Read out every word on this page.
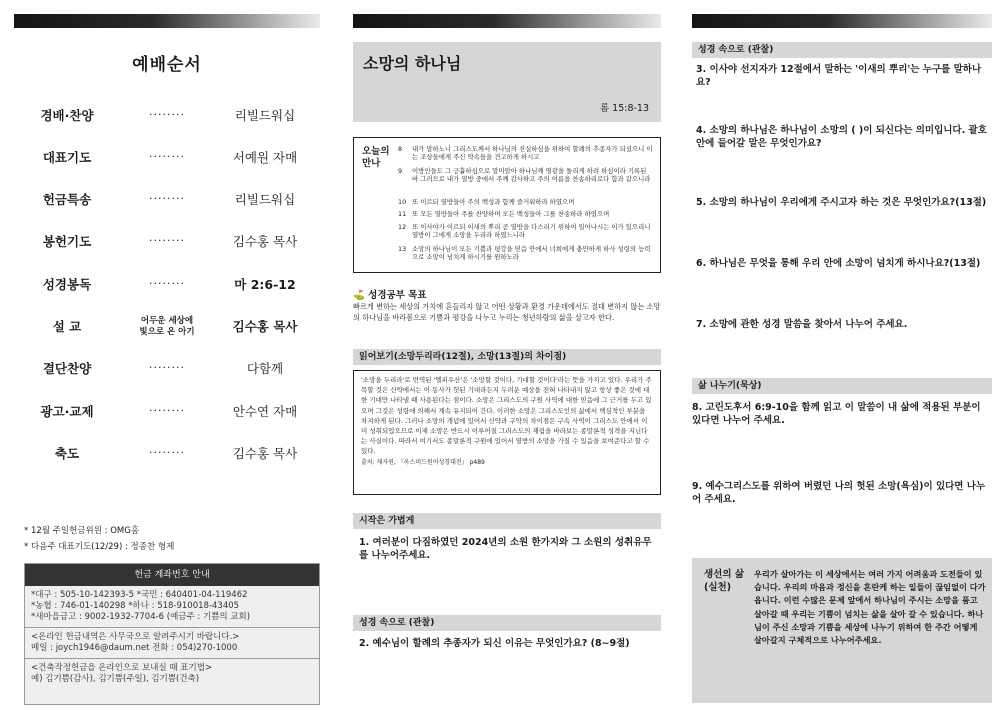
예배순서
경배·찬양	········	리빌드워십
대표기도	········	서예원 자매
헌금특송	········	리빌드워십
봉헌기도	········	김수홍 목사
성경봉독	········	마 2:6-12
설 교	어두운 세상에 빛으로 온 아기	김수홍 목사
결단찬양	········	다함께
광고·교제	········	안수연 자매
축도	········	김수홍 목사
* 12월 주일헌금위원 : OMG홈
* 다음주 대표기도(12/29) : 정종찬 형제
헌금 계좌번호 안내
*대구 : 505-10-142393-5 *국민 : 640401-04-119462
*농협 : 746-01-140298 *하나 : 518-910018-43405
*새마을금고 : 9002-1932-7704-6 (예금주 : 기쁨의 교회)
<온라인 헌금내역은 사무국으로 알려주시기 바랍니다.>
메일 : joych1946@daum.net 전화 : 054)270-1000
<건축작정헌금을 온라인으로 보내실 때 표기법>
예) 김기쁨(감사), 김기쁨(주일), 김기쁨(건축)
소망의 하나님
롬 15:8-13
오늘의 만나
8	내가 말하노니 그리스도께서 하나님의 진실하심을 위하여 할례의 추종자가 되셨으니 이는 조상들에게 주신 약속들을 견고하게 하시고
9	이방인들도 그 긍휼하심으로 말미암아 하나님께 영광을 돌리게 하려 하심이라 기록된 바 그러므로 내가 열방 중에서 주께 감사하고 주의 이름을 찬송하리로다 함과 같으니라
10 또 이르되 열방들아 주의 백성과 함께 즐거워하라 하였으며
11 또 모든 열방들아 주를 찬양하며 모든 백성들아 그를 찬송하라 하였으며
12 또 이사야가 이르되 이새의 뿌리 곧 열방을 다스리기 위하여 일어나시는 이가 있으리니 열방이 그에게 소망을 두리라 하였느니라
13 소망의 하나님이 모든 기쁨과 평강을 믿음 안에서 너희에게 충만하게 하사 성령의 능력으로 소망이 넘치게 하시기를 원하노라
⛳ 성경공부 목표
빠르게 변하는 세상의 가치에 흔들리지 않고 어떤 상황과 환경 가운데에서도 절대 변하지 않는 소망의 하나님을 바라봄으로 기쁨과 평강을 나누고 누리는 청년하람의 삶을 살고자 한다.
읽어보기(소망두리라(12절), 소망(13절)의 차이점)
'소망을 두리라'로 번역된 '엘피우산'은 '소망할 것이다, 기대할 것이다'라는 뜻을 가지고 있다. 우리가 주목할 것은 신약에서는 이 동사가 헛된 기대라든지 두려운 예상을 전혀 나타내지 않고 항상 좋은 것에 대한 기대만 나타낼 때 사용된다는 점이다. 소망은 그리스도의 구원 사역에 대한 믿음에 그 근거를 두고 있으며 그것은 성령에 의해서 계속 유지되어 간다. 이러한 소망은 그리스도인의 삶에서 핵심적인 부분을 차지하게 된다. 그러나 소망의 개념에 있어서 신약과 구약의 차이점은 구속 사역이 그리스도 안에서 이미 성취되었으므로 이제 소망은 반드시 이루어질 그리스도의 재림을 바라보는 종말론적 성격을 지닌다는 사실이다. 따라서 여기서도 종말론적 구원에 있어서 열방의 소망을 가질 수 있음을 보여준다고 할 수 있다.
출처: 제자원, 『옥스퍼드원어성경대전』 p489
시작은 가볍게
1. 여러분이 다짐하였던 2024년의 소원 한가지와 그 소원의 성취유무를 나누어주세요.
성경 속으로 (관찰)
2. 예수님이 할례의 추종자가 되신 이유는 무엇인가요? (8~9절)
성경 속으로 (관찰)
3. 이사야 선지자가 12절에서 말하는 '이새의 뿌리'는 누구를 말하나요?
4. 소망의 하나님은 하나님이 소망의 ( )이 되신다는 의미입니다. 괄호 안에 들어갈 말은 무엇인가요?
5. 소망의 하나님이 우리에게 주시고자 하는 것은 무엇인가요?(13절)
6. 하나님은 무엇을 통해 우리 안에 소망이 넘치게 하시나요?(13절)
7. 소망에 관한 성경 말씀을 찾아서 나누어 주세요.
삶 나누기(묵상)
8. 고린도후서 6:9-10을 함께 읽고 이 말씀이 내 삶에 적용된 부분이 있다면 나누어 주세요.
9. 예수그리스도를 위하여 버렸던 나의 헛된 소망(욕심)이 있다면 나누어 주세요.
생선의 삶 (실천)
우리가 살아가는 이 세상에서는 여러 가지 어려움과 도전들이 있습니다. 우리의 마음과 정신을 혼란케 하는 일들이 끊임없이 다가옵니다. 이런 수많은 문제 앞에서 하나님이 주시는 소망을 품고 살아갈 때 우리는 기쁨이 넘치는 삶을 살아 갈 수 있습니다. 하나님이 주신 소망과 기쁨을 세상에 나누기 위하여 한 주간 어떻게 살아갈지 구체적으로 나누어주세요.
